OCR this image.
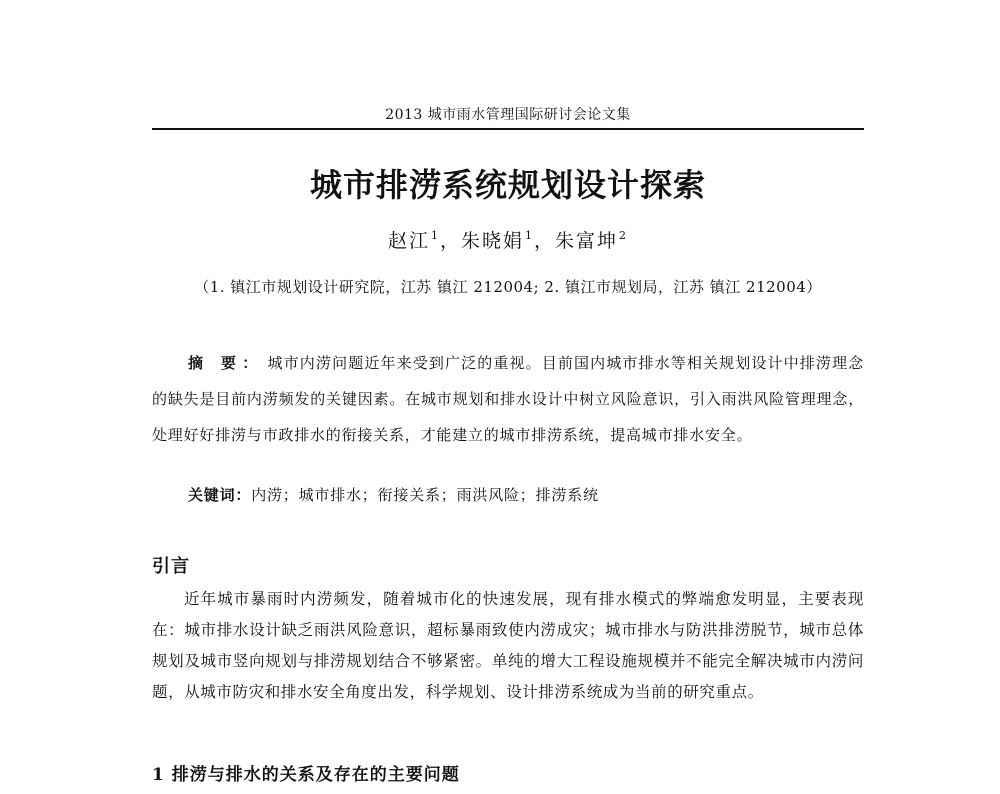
2013 城市雨水管理国际研讨会论文集
城市排涝系统规划设计探索
赵江$^1$，朱晓娟$^1$，朱富坤$^2$
（1. 镇江市规划设计研究院，江苏 镇江 212004; 2. 镇江市规划局，江苏 镇江 212004）
摘 要： 城市内涝问题近年来受到广泛的重视。目前国内城市排水等相关规划设计中排涝理念的缺失是目前内涝频发的关键因素。在城市规划和排水设计中树立风险意识，引入雨洪风险管理理念，处理好好排涝与市政排水的衔接关系，才能建立的城市排涝系统，提高城市排水安全。
关键词：内涝；城市排水；衔接关系；雨洪风险；排涝系统
引言
近年城市暴雨时内涝频发，随着城市化的快速发展，现有排水模式的弊端愈发明显，主要表现在：城市排水设计缺乏雨洪风险意识，超标暴雨致使内涝成灾；城市排水与防洪排涝脱节，城市总体规划及城市竖向规划与排涝规划结合不够紧密。单纯的增大工程设施规模并不能完全解决城市内涝问题，从城市防灾和排水安全角度出发，科学规划、设计排涝系统成为当前的研究重点。
1 排涝与排水的关系及存在的主要问题
